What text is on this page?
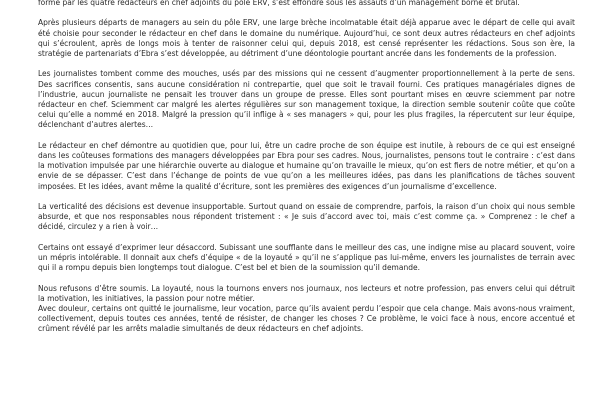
formé par les quatre rédacteurs en chef adjoints du pôle ERV, s’est effondré sous les assauts d’un management borné et brutal.

Après plusieurs départs de managers au sein du pôle ERV, une large brèche incolmatable était déjà apparue avec le départ de celle qui avait été choisie pour seconder le rédacteur en chef dans le domaine du numérique. Aujourd’hui, ce sont deux autres rédacteurs en chef adjoints qui s’écroulent, après de longs mois à tenter de raisonner celui qui, depuis 2018, est censé représenter les rédactions. Sous son ère, la stratégie de partenariats d’Ebra s’est développée, au détriment d’une déontologie pourtant ancrée dans les fondements de la profession.

Les journalistes tombent comme des mouches, usés par des missions qui ne cessent d’augmenter proportionnellement à la perte de sens. Des sacrifices consentis, sans aucune considération ni contrepartie, quel que soit le travail fourni. Ces pratiques managériales dignes de l’industrie, aucun journaliste ne pensait les trouver dans un groupe de presse. Elles sont pourtant mises en œuvre sciemment par notre rédacteur en chef. Sciemment car malgré les alertes régulières sur son management toxique, la direction semble soutenir coûte que coûte celui qu’elle a nommé en 2018. Malgré la pression qu’il inflige à « ses managers » qui, pour les plus fragiles, la répercutent sur leur équipe, déclenchant d’autres alertes…

Le rédacteur en chef démontre au quotidien que, pour lui, être un cadre proche de son équipe est inutile, à rebours de ce qui est enseigné dans les coûteuses formations des managers développées par Ebra pour ses cadres. Nous, journalistes, pensons tout le contraire : c’est dans la motivation impulsée par une hiérarchie ouverte au dialogue et humaine qu’on travaille le mieux, qu’on est fiers de notre métier, et qu’on a envie de se dépasser. C’est dans l’échange de points de vue qu’on a les meilleures idées, pas dans les planifications de tâches souvent imposées. Et les idées, avant même la qualité d’écriture, sont les premières des exigences d’un journalisme d’excellence.

La verticalité des décisions est devenue insupportable. Surtout quand on essaie de comprendre, parfois, la raison d’un choix qui nous semble absurde, et que nos responsables nous répondent tristement : « Je suis d’accord avec toi, mais c’est comme ça. » Comprenez : le chef a décidé, circulez y a rien à voir…

Certains ont essayé d’exprimer leur désaccord. Subissant une soufflante dans le meilleur des cas, une indigne mise au placard souvent, voire un mépris intolérable. Il donnait aux chefs d’équipe « de la loyauté » qu’il ne s’applique pas lui-même, envers les journalistes de terrain avec qui il a rompu depuis bien longtemps tout dialogue. C’est bel et bien de la soumission qu’il demande.

Nous refusons d’être soumis. La loyauté, nous la tournons envers nos journaux, nos lecteurs et notre profession, pas envers celui qui détruit la motivation, les initiatives, la passion pour notre métier.

Avec douleur, certains ont quitté le journalisme, leur vocation, parce qu’ils avaient perdu l’espoir que cela change. Mais avons-nous vraiment, collectivement, depuis toutes ces années, tenté de résister, de changer les choses ? Ce problème, le voici face à nous, encore accentué et crûment révélé par les arrêts maladie simultanés de deux rédacteurs en chef adjoints.
